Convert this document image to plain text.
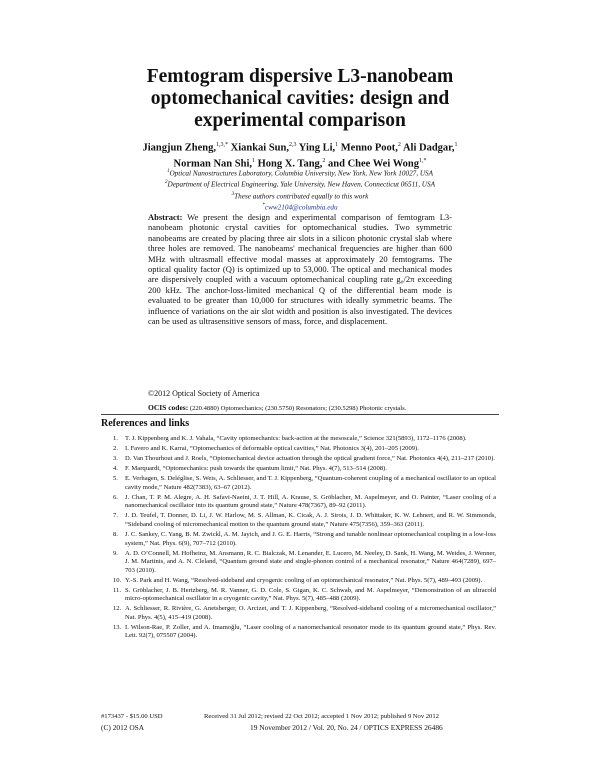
Femtogram dispersive L3-nanobeam
optomechanical cavities: design and
experimental comparison
Jiangjun Zheng,$^{1,3,*}$ Xiankai Sun,$^{2,3}$ Ying Li,$^1$ Menno Poot,$^2$ Ali Dadgar,$^1$
Norman Nan Shi,$^1$ Hong X. Tang,$^2$ and Chee Wei Wong$^{1,*}$
$^1$Optical Nanostructures Laboratory, Columbia University, New York, New York 10027, USA
$^2$Department of Electrical Engineering, Yale University, New Haven, Connecticut 06511, USA
$^3$These authors contributed equally to this work
*cww2104@columbia.edu
Abstract: We present the design and experimental comparison of femtogram L3-nanobeam photonic crystal cavities for optomechanical studies. Two symmetric nanobeams are created by placing three air slots in a silicon photonic crystal slab where three holes are removed. The nanobeams' mechanical frequencies are higher than 600 MHz with ultrasmall effective modal masses at approximately 20 femtograms. The optical quality factor (Q) is optimized up to 53,000. The optical and mechanical modes are dispersively coupled with a vacuum optomechanical coupling rate g₀/2π exceeding 200 kHz. The anchor-loss-limited mechanical Q of the differential beam mode is evaluated to be greater than 10,000 for structures with ideally symmetric beams. The influence of variations on the air slot width and position is also investigated. The devices can be used as ultrasensitive sensors of mass, force, and displacement.
©2012 Optical Society of America
OCIS codes: (220.4880) Optomechanics; (230.5750) Resonators; (230.5298) Photonic crystals.
References and links
1.	T. J. Kippenberg and K. J. Vahala, “Cavity optomechanics: back-action at the mesoscale,” Science 321(5893), 1172–1176 (2008).
2.	I. Favero and K. Karrai, “Optomechanics of deformable optical cavities,” Nat. Photonics 3(4), 201–205 (2009).
3.	D. Van Thourhout and J. Roels, “Optomechanical device actuation through the optical gradient force,” Nat. Photonics 4(4), 211–217 (2010).
4.	F. Marquardt, “Optomechanics: push towards the quantum limit,” Nat. Phys. 4(7), 513–514 (2008).
5.	E. Verhagen, S. Deléglise, S. Weis, A. Schliesser, and T. J. Kippenberg, “Quantum-coherent coupling of a mechanical oscillator to an optical cavity mode,” Nature 482(7383), 63–67 (2012).
6.	J. Chan, T. P. M. Alegre, A. H. Safavi-Naeini, J. T. Hill, A. Krause, S. Gröblacher, M. Aspelmeyer, and O. Painter, “Laser cooling of a nanomechanical oscillator into its quantum ground state,” Nature 478(7367), 89–92 (2011).
7.	J. D. Teufel, T. Donner, D. Li, J. W. Harlow, M. S. Allman, K. Cicak, A. J. Sirois, J. D. Whittaker, K. W. Lehnert, and R. W. Simmonds, “Sideband cooling of micromechanical motion to the quantum ground state,” Nature 475(7356), 359–363 (2011).
8.	J. C. Sankey, C. Yang, B. M. Zwickl, A. M. Jayich, and J. G. E. Harris, “Strong and tunable nonlinear optomechanical coupling in a low-loss system,” Nat. Phys. 6(9), 707–712 (2010).
9.	A. D. O’Connell, M. Hofheinz, M. Ansmann, R. C. Bialczak, M. Lenander, E. Lucero, M. Neeley, D. Sank, H. Wang, M. Weides, J. Wenner, J. M. Martinis, and A. N. Cleland, “Quantum ground state and single-phonon control of a mechanical resonator,” Nature 464(7289), 697–703 (2010).
10. Y.-S. Park and H. Wang, “Resolved-sideband and cryogenic cooling of an optomechanical resonator,” Nat. Phys. 5(7), 489–493 (2009).
11. S. Gröblacher, J. B. Hertzberg, M. R. Vanner, G. D. Cole, S. Gigan, K. C. Schwab, and M. Aspelmeyer, “Demonstration of an ultracold micro-optomechanical oscillator in a cryogenic cavity,” Nat. Phys. 5(7), 485–488 (2009).
12. A. Schliesser, R. Rivière, G. Anetsberger, O. Arcizet, and T. J. Kippenberg, “Resolved-sideband cooling of a micromechanical oscillator,” Nat. Phys. 4(5), 415–419 (2008).
13. I. Wilson-Rae, P. Zoller, and A. Imamoğlu, “Laser cooling of a nanomechanical resonator mode to its quantum ground state,” Phys. Rev. Lett. 92(7), 075507 (2004).
#173437 - $15.00 USD	Received 31 Jul 2012; revised 22 Oct 2012; accepted 1 Nov 2012; published 9 Nov 2012
(C) 2012 OSA	19 November 2012 / Vol. 20, No. 24 / OPTICS EXPRESS 26486
